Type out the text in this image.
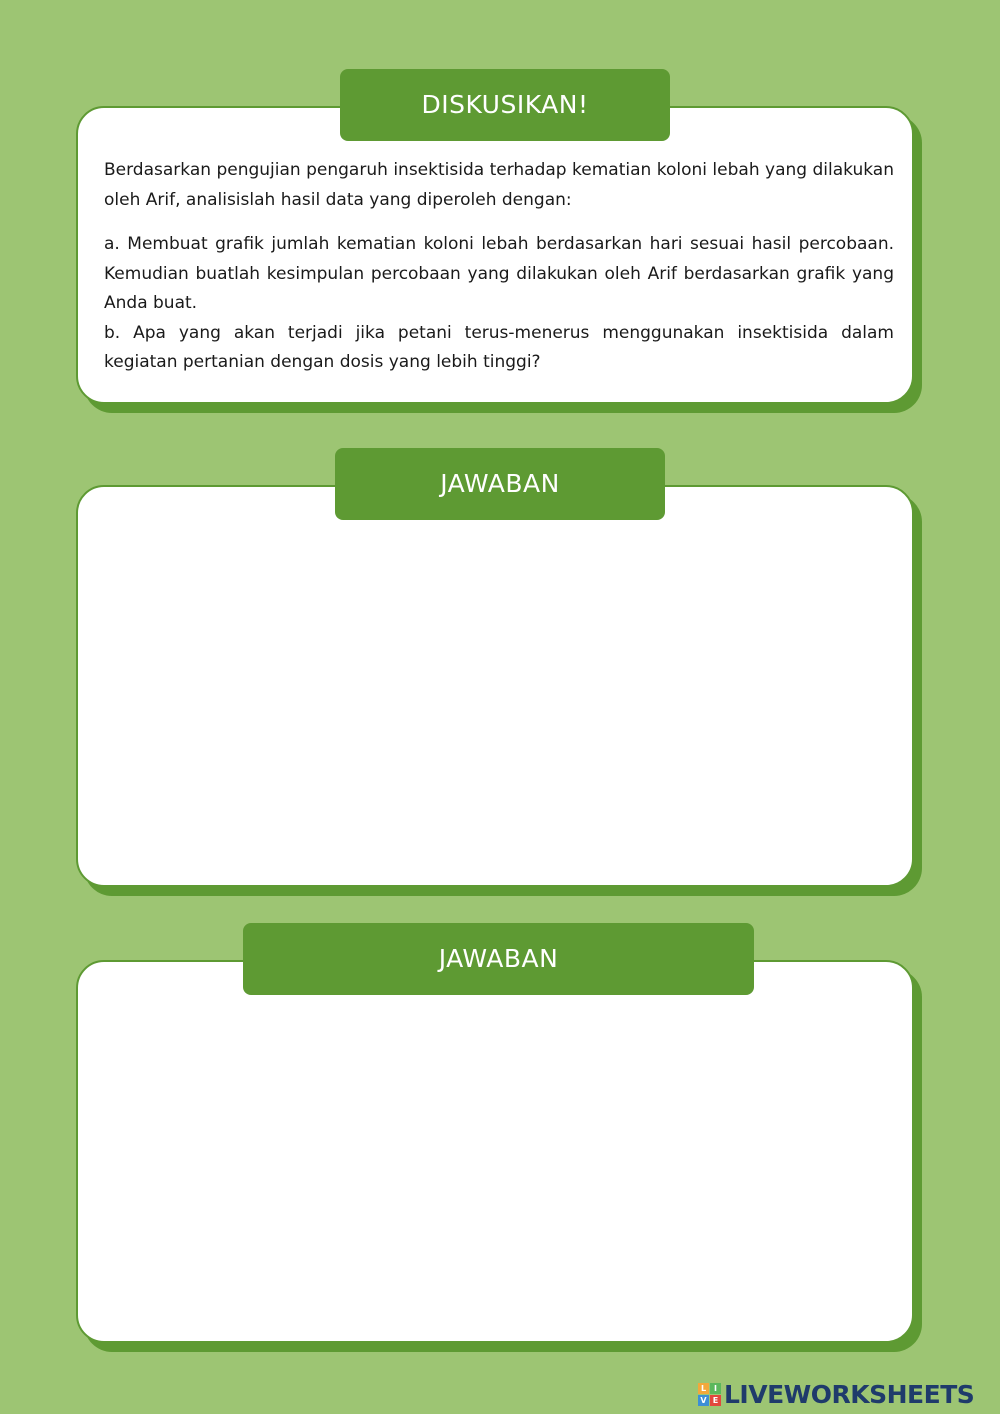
DISKUSIKAN!

Berdasarkan pengujian pengaruh insektisida terhadap kematian koloni lebah yang dilakukan oleh Arif, analisislah hasil data yang diperoleh dengan:

a. Membuat grafik jumlah kematian koloni lebah berdasarkan hari sesuai hasil percobaan. Kemudian buatlah kesimpulan percobaan yang dilakukan oleh Arif berdasarkan grafik yang Anda buat.

b. Apa yang akan terjadi jika petani terus-menerus menggunakan insektisida dalam kegiatan pertanian dengan dosis yang lebih tinggi?

JAWABAN
JAWABAN
L I
V E LIVEWORKSHEETS
